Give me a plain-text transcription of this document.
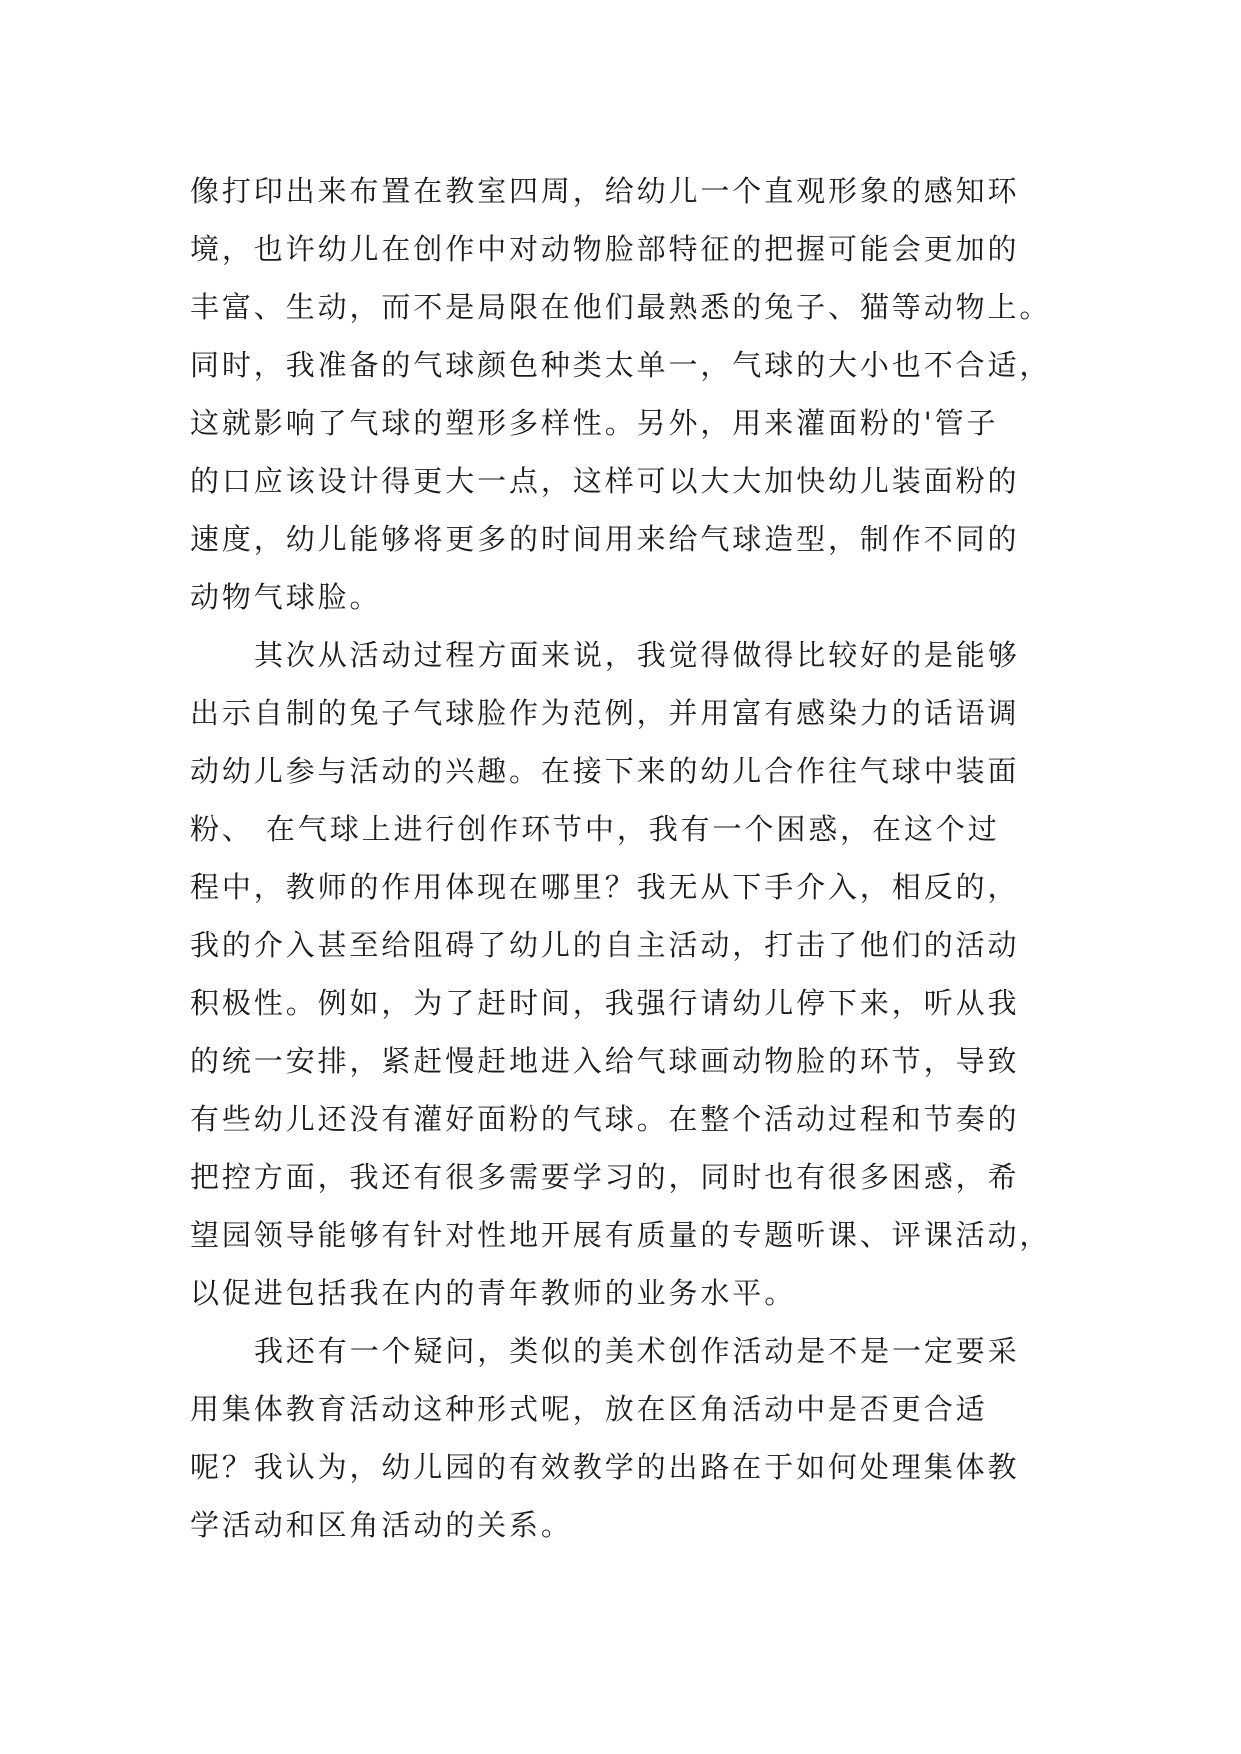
像打印出来布置在教室四周，给幼儿一个直观形象的感知环
境，也许幼儿在创作中对动物脸部特征的把握可能会更加的
丰富、生动，而不是局限在他们最熟悉的兔子、猫等动物上。
同时，我准备的气球颜色种类太单一，气球的大小也不合适，
这就影响了气球的塑形多样性。另外，用来灌面粉的'管子
的口应该设计得更大一点，这样可以大大加快幼儿装面粉的
速度，幼儿能够将更多的时间用来给气球造型，制作不同的
动物气球脸。
其次从活动过程方面来说，我觉得做得比较好的是能够
出示自制的兔子气球脸作为范例，并用富有感染力的话语调
动幼儿参与活动的兴趣。在接下来的幼儿合作往气球中装面
粉、 在气球上进行创作环节中，我有一个困惑，在这个过
程中，教师的作用体现在哪里？我无从下手介入，相反的，
我的介入甚至给阻碍了幼儿的自主活动，打击了他们的活动
积极性。例如，为了赶时间，我强行请幼儿停下来，听从我
的统一安排，紧赶慢赶地进入给气球画动物脸的环节，导致
有些幼儿还没有灌好面粉的气球。在整个活动过程和节奏的
把控方面，我还有很多需要学习的，同时也有很多困惑，希
望园领导能够有针对性地开展有质量的专题听课、评课活动，
以促进包括我在内的青年教师的业务水平。
我还有一个疑问，类似的美术创作活动是不是一定要采
用集体教育活动这种形式呢，放在区角活动中是否更合适
呢？我认为，幼儿园的有效教学的出路在于如何处理集体教
学活动和区角活动的关系。
